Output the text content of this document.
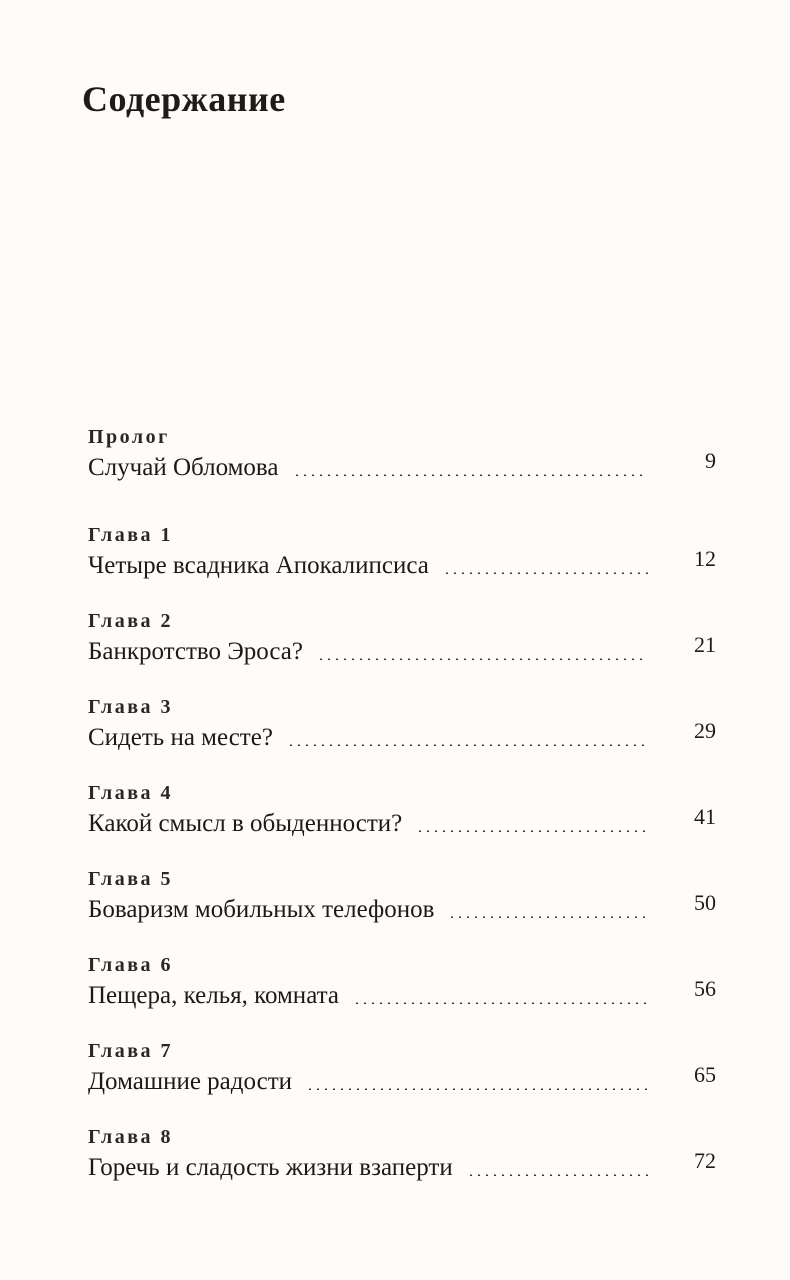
Содержание
Пролог
Случай Обломова	9
Глава 1
Четыре всадника Апокалипсиса	12
Глава 2
Банкротство Эроса?	21
Глава 3
Сидеть на месте?	29
Глава 4
Какой смысл в обыденности?	41
Глава 5
Боваризм мобильных телефонов	50
Глава 6
Пещера, келья, комната	56
Глава 7
Домашние радости	65
Глава 8
Горечь и сладость жизни взаперти	72
